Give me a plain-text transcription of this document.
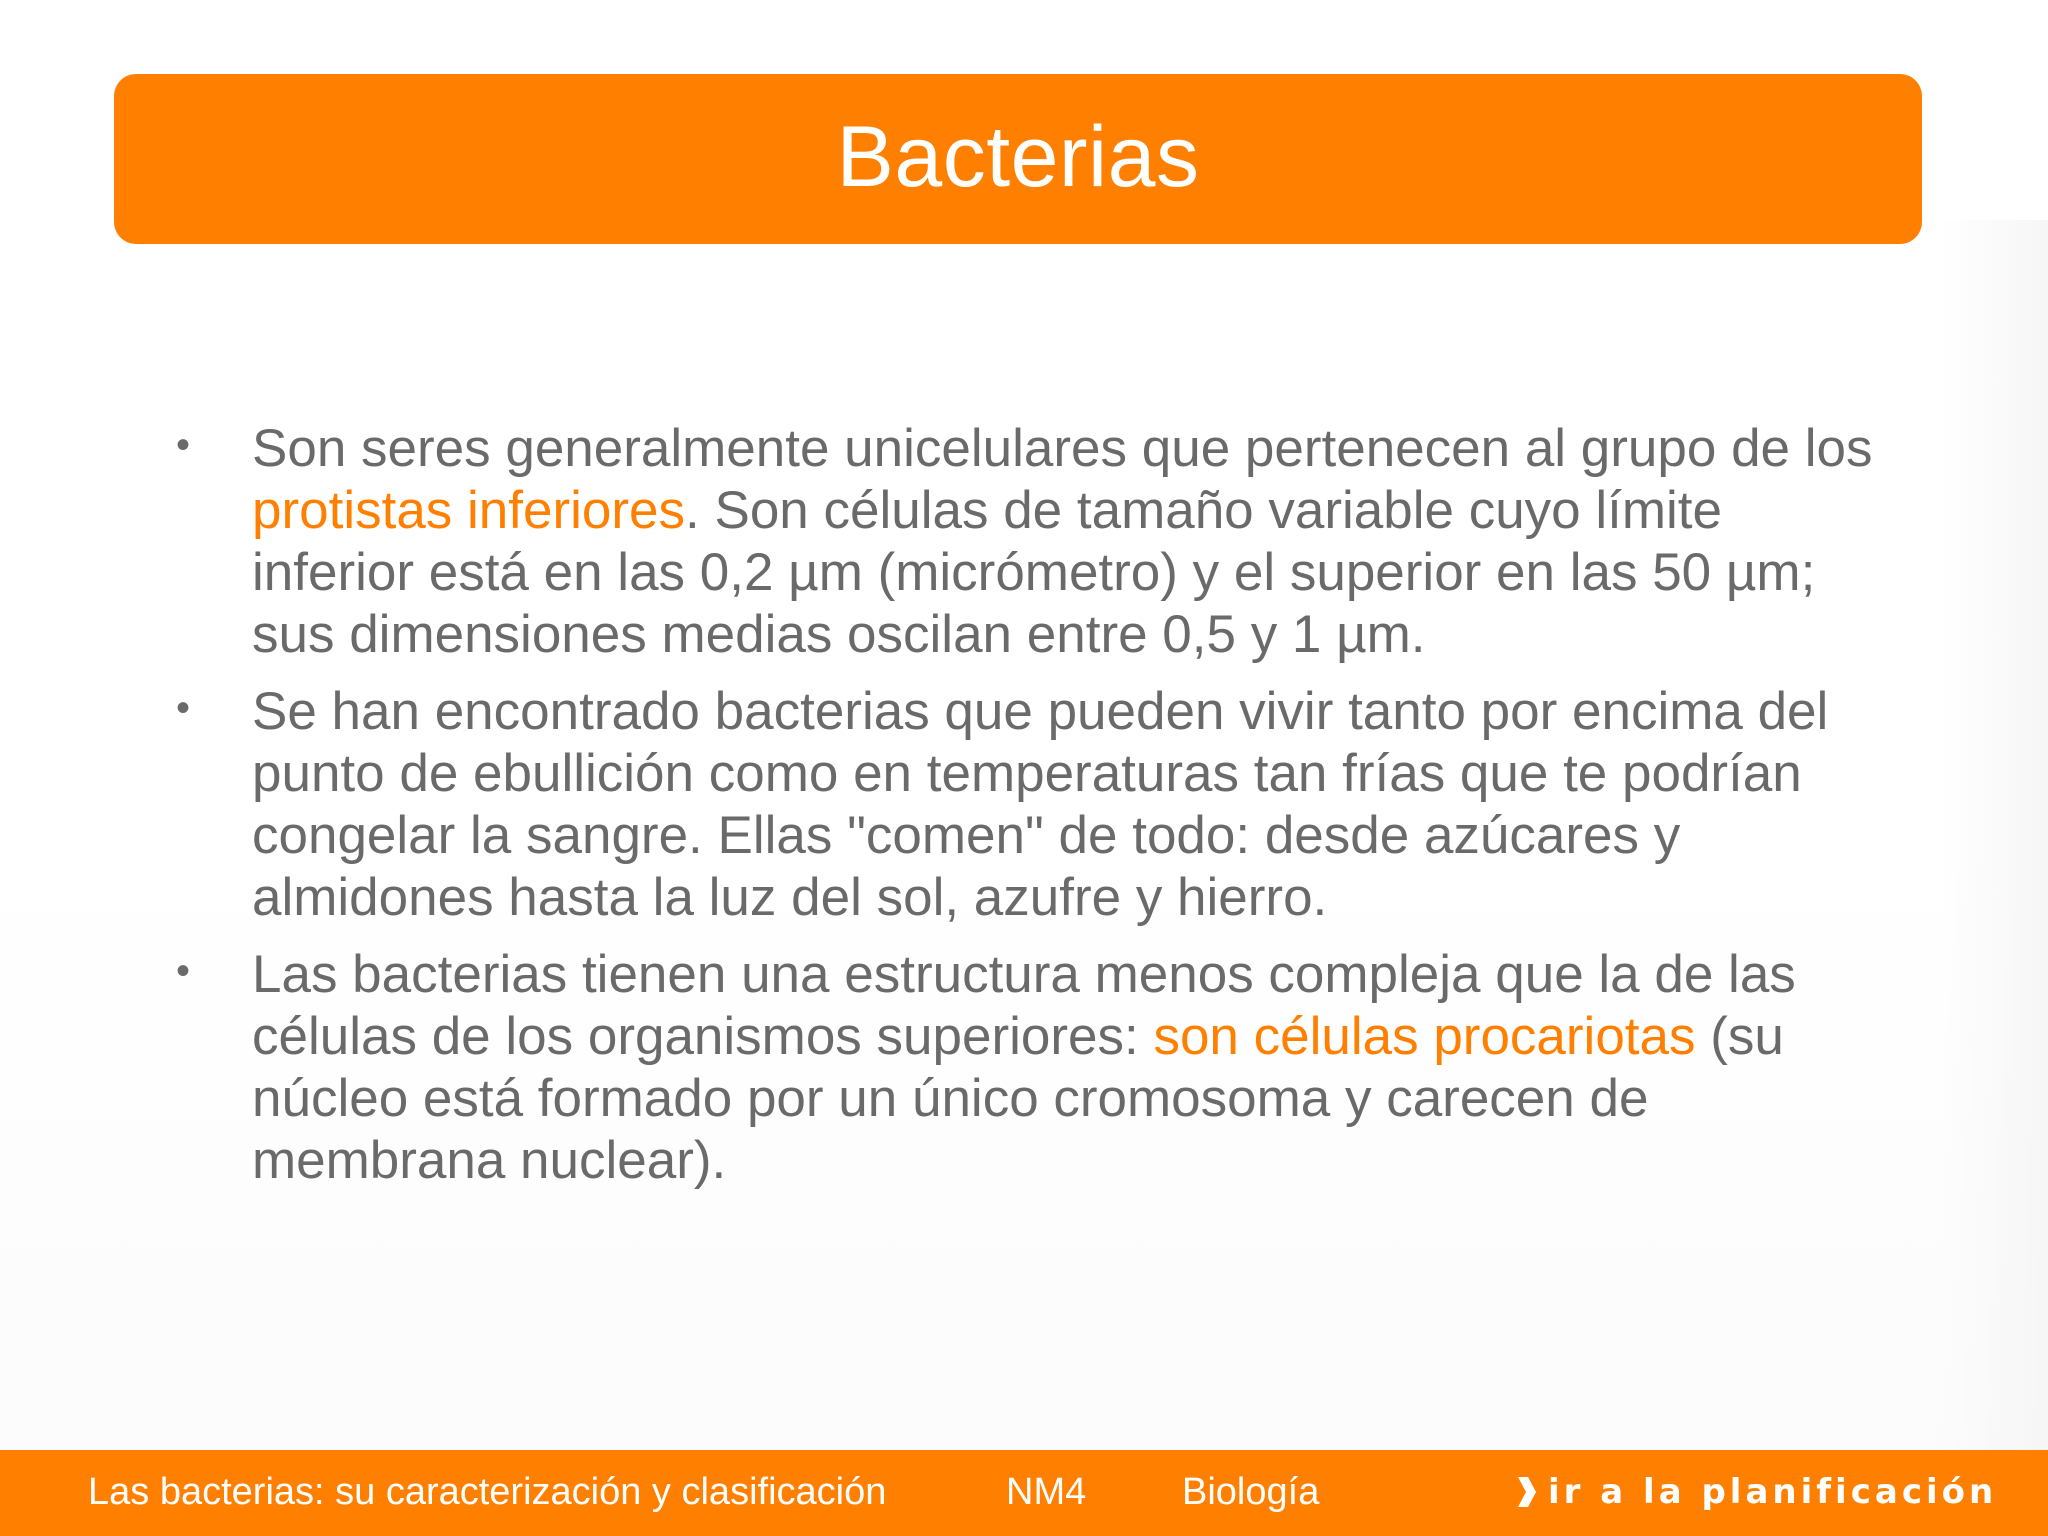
Bacterias
•	Son seres generalmente unicelulares que pertenecen al grupo de los protistas inferiores. Son células de tamaño variable cuyo límite inferior está en las 0,2 µm (micrómetro) y el superior en las 50 µm; sus dimensiones medias oscilan entre 0,5 y 1 µm.
•	Se han encontrado bacterias que pueden vivir tanto por encima del punto de ebullición como en temperaturas tan frías que te podrían congelar la sangre. Ellas "comen" de todo: desde azúcares y almidones hasta la luz del sol, azufre y hierro.
•	Las bacterias tienen una estructura menos compleja que la de las células de los organismos superiores: son células procariotas (su núcleo está formado por un único cromosoma y carecen de membrana nuclear).
Las bacterias: su caracterización y clasificación	NM4	Biología	ir a la planificación
